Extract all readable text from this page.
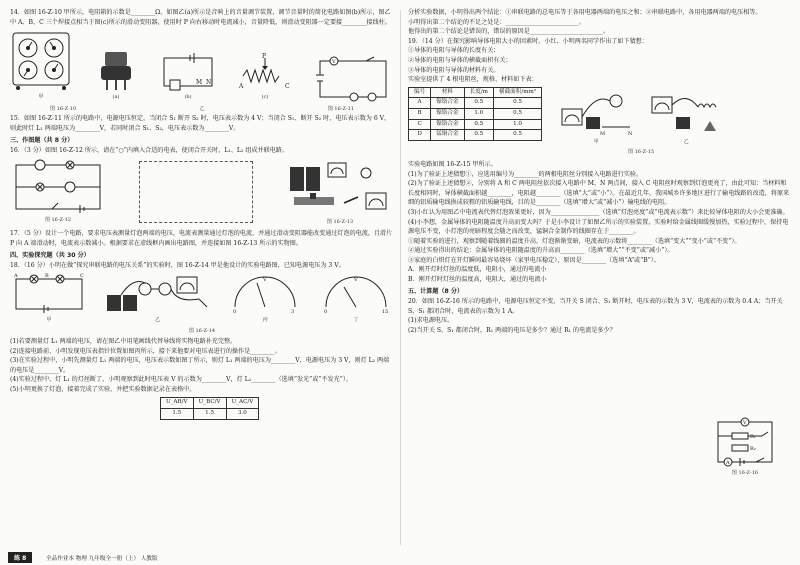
14．如图 16-Z-10 甲所示，电阻箱的示数是________Ω。如图乙(a)所示是音响上的音量调节装置，调节音量时的简化电路如图(b)所示，图乙中 A、B、C 三个焊接点相当于图(c)所示的滑动变阻器，使用时 P 向右移动时电流减小，音量降低，则滑动变阻器一定要接________接线柱。

甲	(a)
M N
(b)
A
P
C
(c)
V
图 16-Z-10	乙	图 16-Z-11

15．如图 16-Z-11 所示的电路中，电源电压恒定，当闭合 S₁ 断开 S₂ 时，电压表示数为 4 V；当闭合 S₁、断开 S₂ 时，电压表示数为 6 V，则此时灯 L₁ 两端电压为________V，若同时闭合 S₁、S₂，电压表示数为________V。

三、作图题（共 8 分）

16．（3 分）如图 16-Z-12 所示，请在“○”内填入合适的电表，使闭合开关时，L₁、L₂ 组成并联电路。

图 16-Z-12	图 16-Z-13

17．（5 分）设计一个电路，要求电压表测量灯泡两端的电压，电流表测量通过灯泡的电流，并通过滑动变阻器能改变通过灯泡的电流，且滑片 P 向 A 端滑动时，电流表示数减小。根据要求在虚线框内画出电路图，并连接如图 16-Z-13 所示的实物图。

四、实验探究题（共 30 分）

18．（16 分）小明在做“探究串联电路的电压关系”的实验时，图 16-Z-14 甲是他设计的实验电路图，已知电源电压为 3 V。

A	B	C
甲	乙
0
V
3
丙
0
V
15
丁

图 16-Z-14

(1)若要测量灯 L₁ 两端的电压，请在图乙中用笔画线代替导线将实物电路补充完整。

(2)连接电路前，小明发现电压表指针位置如图丙所示，接下来他要对电压表进行的操作是________。

(3)在实验过程中，小明先测量灯 L₁ 两端的电压，电压表示数如图丁所示，则灯 L₁ 两端的电压为________V，电源电压为 3 V，则灯 L₂ 两端的电压是________V。

(4)实验过程中，灯 L₁ 的灯丝断了，小明观察到此时电压表 V 的示数为________V，灯 L₂________（选填“发光”或“不发光”）。

(5)小明更换了灯泡，接着完成了实验，并把实验数据记录在表格中。

U_AB/V	U_BC/V	U_AC/V
1.5	1.5	3.0

分析实验数据，小明得出两个结论：①串联电路的总电压等于各用电器两端的电压之和；②串联电路中，各用电器两端的电压相等。

小明得出第二个结论的不足之处是：________________________。

他得出的第二个结论是错误的，错误的原因是________________________。

19．（14 分）在探究影响导体电阻大小的因素时，小红、小明两名同学作出了如下猜想：

①导体的电阻与导体的长度有关；

②导体的电阻与导体的横截面积有关；

③导体的电阻与导体的材料有关。

实验室提供了 4 根电阻丝，规格、材料如下表：

编号	材料	长度/m	横截面积/mm²
A	镍铬合金	0.5	0.5
B	镍铬合金	1.0	0.5
C	镍铬合金	0.5	1.0
D	锰铜合金	0.5	0.5	M	N
甲	乙
图 16-Z-15

实验电路如图 16-Z-15 甲所示。

(1)为了验证上述猜想①，应选用编号为________的两根电阻丝分别接入电路进行实验。

(2)为了验证上述猜想②，分别将 A 和 C 两电阻丝依次接入电路中 M、N 两点间，接入 C 电阻丝时观察到灯泡更亮了，由此可知：当材料和长度相同时，导体横截面积越________，电阻越________（选填“大”或“小”）。在最近几年，我国城乡许多地区进行了输电线路的改造，将原来细的铝质输电线换成较粗的铝质输电线，目的是________（选填“增大”或“减小”）输电线的电阻。

(3)小红认为用图乙中电流表代替灯泡效果更好，因为________________（选填“灯泡亮度”或“电流表示数”）来比较导体电阻的大小会更准确。

(4)小李想，金属导体的电阻随温度升高而变大吗？于是小李设计了如图乙所示的实验装置，实验时给金属线圈缓慢加热，实验过程中，保持电源电压不变，小灯泡的亮暗程度会随之而改变，锰铜合金制作的线圈存在于________。

①随着实验的进行，观察到随着线圈的温度升高，灯泡渐渐变暗，电流表的示数将________（选填“变大”“变小”或“不变”）。

②通过实验得出的结论：金属导体的电阻随温度的升高而________（选填“增大”“不变”或“减小”）。

③家庭的白炽灯在开灯瞬间最容易烧坏（家里电压稳定），原因是________（选填“A”或“B”）。

A．刚开灯时灯丝的温度低，电阻小，通过的电流小

B．刚开灯时灯丝的温度高，电阻大，通过的电流小

五、计算题（8 分）

20．如图 16-Z-16 所示的电路中，电源电压恒定不变，当开关 S 闭合、S₁ 断开时，电压表的示数为 3 V，电流表的示数为 0.4 A；当开关 S、S₁ 都闭合时，电流表的示数为 1 A。

(1)求电源电压。

(2)当开关 S、S₁ 都闭合时，R₁ 两端的电压是多少？通过 R₁ 的电流是多少？

V
R₁
R₂
A
图 16-Z-16
练 8	全品作业本 物理 九年级全一册（上） 人教版
